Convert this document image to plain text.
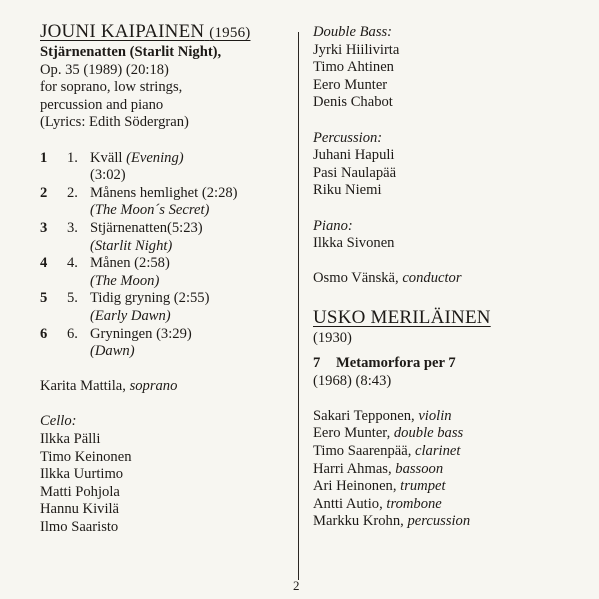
JOUNI KAIPAINEN (1956)
Stjärnenatten (Starlit Night),
Op. 35 (1989) (20:18)
for soprano, low strings,
percussion and piano
(Lyrics: Edith Södergran)
1	1. Kväll (Evening)
(3:02)
2	2. Månens hemlighet (2:28)
(The Moon´s Secret)
3	3. Stjärnenatten(5:23)
(Starlit Night)
4	4. Månen (2:58)
(The Moon)
5	5. Tidig gryning (2:55)
(Early Dawn)
6	6. Gryningen (3:29)
(Dawn)
Karita Mattila, soprano
Cello:
Ilkka Pälli
Timo Keinonen
Ilkka Uurtimo
Matti Pohjola
Hannu Kivilä
Ilmo Saaristo
Double Bass:
Jyrki Hiilivirta
Timo Ahtinen
Eero Munter
Denis Chabot
Percussion:
Juhani Hapuli
Pasi Naulapää
Riku Niemi
Piano:
Ilkka Sivonen
Osmo Vänskä, conductor
USKO MERILÄINEN
(1930)
7 Metamorfora per 7
(1968) (8:43)
Sakari Tepponen, violin
Eero Munter, double bass
Timo Saarenpää, clarinet
Harri Ahmas, bassoon
Ari Heinonen, trumpet
Antti Autio, trombone
Markku Krohn, percussion
2
